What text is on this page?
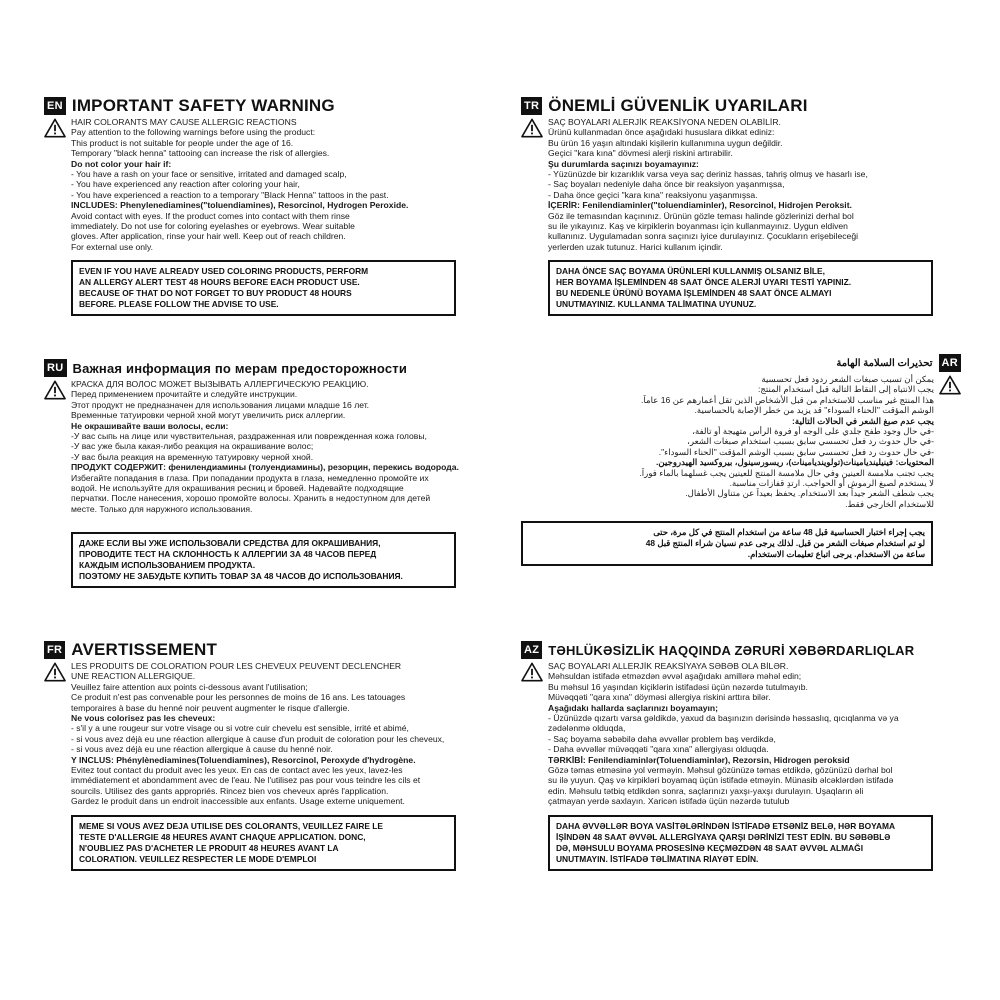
EN IMPORTANT SAFETY WARNING
HAIR COLORANTS MAY CAUSE ALLERGIC REACTIONS
Pay attention to the following warnings before using the product:
This product is not suitable for people under the age of 16.
Temporary "black henna" tattooing can increase the risk of allergies.
Do not color your hair if:
- You have a rash on your face or sensitive, irritated and damaged scalp,
- You have experienced any reaction after coloring your hair,
- You have experienced a reaction to a temporary "Black Henna" tattoos in the past.
INCLUDES: Phenylenediamines("toluendiamines), Resorcinol, Hydrogen Peroxide.
Avoid contact with eyes. If the product comes into contact with them rinse
immediately. Do not use for coloring eyelashes or eyebrows. Wear suitable
gloves. After application, rinse your hair well. Keep out of reach children.
For external use only.
EVEN IF YOU HAVE ALREADY USED COLORING PRODUCTS, PERFORM
AN ALLERGY ALERT TEST 48 HOURS BEFORE EACH PRODUCT USE.
BECAUSE OF THAT DO NOT FORGET TO BUY PRODUCT 48 HOURS
BEFORE. PLEASE FOLLOW THE ADVISE TO USE.
TR ÖNEMLİ GÜVENLİK UYARILARI
SAÇ BOYALARI ALERJİK REAKSİYONA NEDEN OLABİLİR.
Ürünü kullanmadan önce aşağıdaki hususlara dikkat ediniz:
Bu ürün 16 yaşın altındaki kişilerin kullanımına uygun değildir.
Geçici "kara kına" dövmesi alerji riskini artırabilir.
Şu durumlarda saçınızı boyamayınız:
- Yüzünüzde bir kızarıklık varsa veya saç deriniz hassas, tahriş olmuş ve hasarlı ise,
- Saç boyaları nedeniyle daha önce bir reaksiyon yaşanmışsa,
- Daha önce geçici "kara kına" reaksiyonu yaşanmışsa.
İÇERİR: Fenilendiaminler("toluendiaminler), Resorcinol, Hidrojen Peroksit.
Göz ile temasından kaçınınız. Ürünün gözle teması halinde gözlerinizi derhal bol
su ile yıkayınız. Kaş ve kirpiklerin boyanması için kullanmayınız. Uygun eldiven
kullanınız. Uygulamadan sonra saçınızı iyice durulayınız. Çocukların erişebileceği
yerlerden uzak tutunuz. Harici kullanım içindir.
DAHA ÖNCE SAÇ BOYAMA ÜRÜNLERİ KULLANMIŞ OLSANIZ BİLE,
HER BOYAMA İŞLEMİNDEN 48 SAAT ÖNCE ALERJİ UYARI TESTİ YAPINIZ.
BU NEDENLE ÜRÜNÜ BOYAMA İŞLEMİNDEN 48 SAAT ÖNCE ALMAYI
UNUTMAYINIZ. KULLANMA TALİMATINA UYUNUZ.
RU Важная информация по мерам предосторожности
КРАСКА ДЛЯ ВОЛОС МОЖЕТ ВЫЗЫВАТЬ АЛЛЕРГИЧЕСКУЮ РЕАКЦИЮ.
Перед применением прочитайте и следуйте инструкции.
Этот продукт не предназначен для использования лицами младше 16 лет.
Временные татуировки черной хной могут увеличить риск аллергии.
Не окрашивайте ваши волосы, если:
-У вас сыпь на лице или чувствительная, раздраженная или поврежденная кожа головы,
-У вас уже была какая-либо реакция на окрашивание волос;
-У вас была реакция на временную татуировку черной хной.
ПРОДУКТ СОДЕРЖИТ: фенилендиамины (толуендиамины), резорцин, перекись водорода.
Избегайте попадания в глаза. При попадании продукта в глаза, немедленно промойте их
водой. Не используйте для окрашивания ресниц и бровей. Надевайте подходящие
перчатки. После нанесения, хорошо промойте волосы. Хранить в недоступном для детей
месте. Только для наружного использования.
ДАЖЕ ЕСЛИ ВЫ УЖЕ ИСПОЛЬЗОВАЛИ СРЕДСТВА ДЛЯ ОКРАШИВАНИЯ,
ПРОВОДИТЕ ТЕСТ НА СКЛОННОСТЬ К АЛЛЕРГИИ ЗА 48 ЧАСОВ ПЕРЕД
КАЖДЫМ ИСПОЛЬЗОВАНИЕМ ПРОДУКТА.
ПОЭТОМУ НЕ ЗАБУДЬТЕ КУПИТЬ ТОВАР ЗА 48 ЧАСОВ ДО ИСПОЛЬЗОВАНИЯ.
تحذيرات السلامة الهامة AR
يمكن أن تسبب صبغات الشعر ردود فعل تحسسية
يجب الانتباه إلى النقاط التالية قبل استخدام المنتج:
هذا المنتج غير مناسب للاستخدام من قبل الأشخاص الذين تقل أعمارهم عن 16 عاماً.
الوشم المؤقت "الحناء السوداء" قد يزيد من خطر الإصابة بالحساسية.
يجب عدم صبغ الشعر في الحالات التالية:
-في حال وجود طفح جلدي على الوجه أو فروة الرأس متهيجة أو تالفة،
-في حال حدوث رد فعل تحسسي سابق بسبب استخدام صبغات الشعر،
-في حال حدوث رد فعل تحسسي سابق بسبب الوشم المؤقت "الحناء السوداء".
المحتويات: فينيلينديامينات(تولوينديامينات)، ريسورسينول، بيروكسيد الهيدروجين.
يجب تجنب ملامسة العينين وفي حال ملامسة المنتج للعينين يجب غسلهما بالماء فوراً.
لا يستخدم لصبغ الرموش أو الحواجب. ارتدِ قفازات مناسبة.
يجب شطف الشعر جيداً بعد الاستخدام. يحفظ بعيداً عن متناول الأطفال.
للاستخدام الخارجي فقط.
يجب إجراء اختبار الحساسية قبل 48 ساعة من استخدام المنتج في كل مرة، حتى
لو تم استخدام صبغات الشعر من قبل. لذلك يرجى عدم نسيان شراء المنتج قبل 48
ساعة من الاستخدام. يرجى اتباع تعليمات الاستخدام.
FR AVERTISSEMENT
LES PRODUITS DE COLORATION POUR LES CHEVEUX PEUVENT DECLENCHER
UNE REACTION ALLERGIQUE.
Veuillez faire attention aux points ci-dessous avant l'utilisation;
Ce produit n'est pas convenable pour les personnes de moins de 16 ans. Les tatouages
temporaires à base du henné noir peuvent augmenter le risque d'allergie.
Ne vous colorisez pas les cheveux:
- s'il y a une rougeur sur votre visage ou si votre cuir chevelu est sensible, irrité et abimé,
- si vous avez déjà eu une réaction allergique à cause d'un produit de coloration pour les cheveux,
- si vous avez déjà eu une réaction allergique à cause du henné noir.
Y INCLUS: Phénylènediamines(Toluendiamines), Resorcinol, Peroxyde d'hydrogène.
Evitez tout contact du produit avec les yeux. En cas de contact avec les yeux, lavez-les
immédiatement et abondamment avec de l'eau. Ne l'utilisez pas pour vous teindre les cils et
sourcils. Utilisez des gants appropriés. Rincez bien vos cheveux après l'application.
Gardez le produit dans un endroit inaccessible aux enfants. Usage externe uniquement.
MEME SI VOUS AVEZ DEJA UTILISE DES COLORANTS, VEUILLEZ FAIRE LE
TESTE D'ALLERGIE 48 HEURES AVANT CHAQUE APPLICATION. DONC,
N'OUBLIEZ PAS D'ACHETER LE PRODUIT 48 HEURES AVANT LA
COLORATION. VEUILLEZ RESPECTER LE MODE D'EMPLOI
AZ TƏHLÜKƏSİZLİK HAQQINDA ZƏRURİ XƏBƏRDARLIQLAR
SAÇ BOYALARI ALLERJİK REAKSİYAYA SƏBƏB OLA BİLƏR.
Məhsuldan istifadə etməzdən əvvəl aşağıdakı amillərə məhəl edin;
Bu məhsul 16 yaşından kiçiklərin istifadəsi üçün nəzərdə tutulmayıb.
Müvəqqəti "qara xına" döyməsi allergiya riskini arttıra bilər.
Aşağıdakı hallarda saçlarınızı boyamayın;
- Üzünüzdə qızartı varsa gəldikdə, yaxud da başınızın dərisində həssaslıq, qıcıqlanma və ya
zədələnmə olduqda,
- Saç boyama səbəbilə daha əvvəllər problem baş verdikdə,
- Daha əvvəllər müvəqqəti "qara xına" allergiyası olduqda.
TƏRKİBİ: Fenilendiaminlər(Toluendiaminlər), Rezorsin, Hidrogen peroksid
Gözə təmas etməsinə yol verməyin. Məhsul gözünüzə təmas etdikdə, gözünüzü dərhal bol
su ilə yuyun. Qaş və kirpikləri boyamaq üçün istifadə etməyin. Münasib əlcəklərdən istifadə
edin. Məhsulu tətbiq etdikdən sonra, saçlarınızı yaxşı-yaxşı durulayın. Uşaqların əli
çatmayan yerdə saxlayın. Xaricən istifadə üçün nəzərdə tutulub
DAHA ƏVVƏLLƏR BOYA VASİTƏLƏRİNDƏN İSTİFADƏ ETSƏNİZ BELƏ, HƏR BOYAMA
İŞİNDƏN 48 SAAT ƏVVƏL ALLERGİYAYA QARŞI DƏRİNİZİ TEST EDİN. BU SƏBƏBLƏ
DƏ, MƏHSULU BOYAMA PROSESİNƏ KEÇMƏZDƏN 48 SAAT ƏVVƏL ALMAĞI
UNUTMAYIN. İSTİFADƏ TƏLİMATINA RİAYƏT EDİN.
